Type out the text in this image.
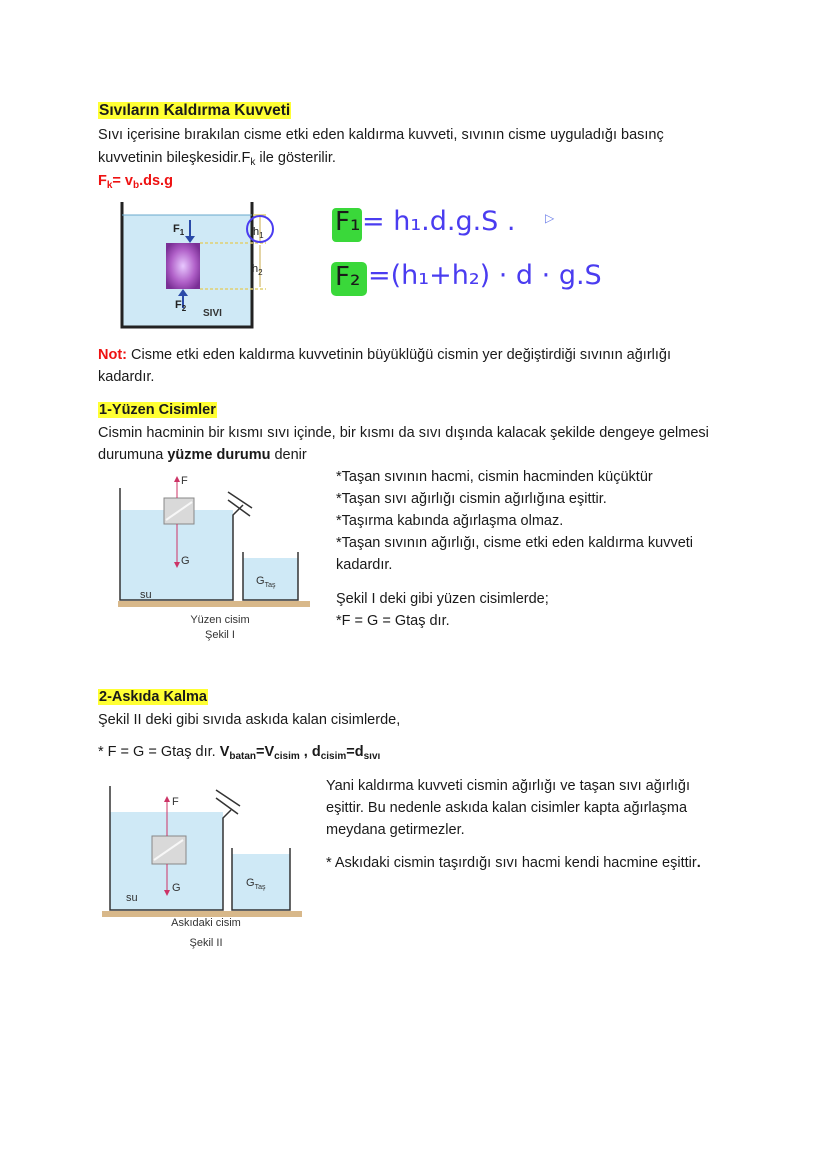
Sıvıların Kaldırma Kuvveti
Sıvı içerisine bırakılan cisme etki eden kaldırma kuvveti, sıvının cisme uyguladığı basınç
kuvvetinin $bileşkesidir.F_k$ ile gösterilir.
$F_k= v_b.ds.g$
$F_1$
$F_2$
$h_1$
$h_2$
SIVI
F₁ = h₁.d.g.S . ▷
F₂ =(h₁+h₂) · d · g.S
Not: Cisme etki eden kaldırma kuvvetinin büyüklüğü cismin yer değiştirdiği sıvının ağırlığı
kadardır.
1-Yüzen Cisimler
Cismin hacminin bir kısmı sıvı içinde, bir kısmı da sıvı dışında kalacak şekilde dengeye gelmesi
durumuna yüzme durumu denir
F
G
$G_{Taş}$
su
Yüzen cisim
Şekil I
*Taşan sıvının hacmi, cismin hacminden küçüktür
*Taşan sıvı ağırlığı cismin ağırlığına eşittir.
*Taşırma kabında ağırlaşma olmaz.
*Taşan sıvının ağırlığı, cisme etki eden kaldırma kuvveti
kadardır.
Şekil I deki gibi yüzen cisimlerde;
*F = G = Gtaş dır.
2-Askıda Kalma
Şekil II deki gibi sıvıda askıda kalan cisimlerde,
* F = G = Gtaş dır. $V_{batan}=V_{cisim}$ , $d_{cisim}=d_{sıvı}$
F
G	$G_{Taş}$
su
Askıdaki cisim
Şekil II
Yani kaldırma kuvveti cismin ağırlığı ve taşan sıvı ağırlığı
eşittir. Bu nedenle askıda kalan cisimler kapta ağırlaşma
meydana getirmezler.
* Askıdaki cismin taşırdığı sıvı hacmi kendi hacmine eşittir.
